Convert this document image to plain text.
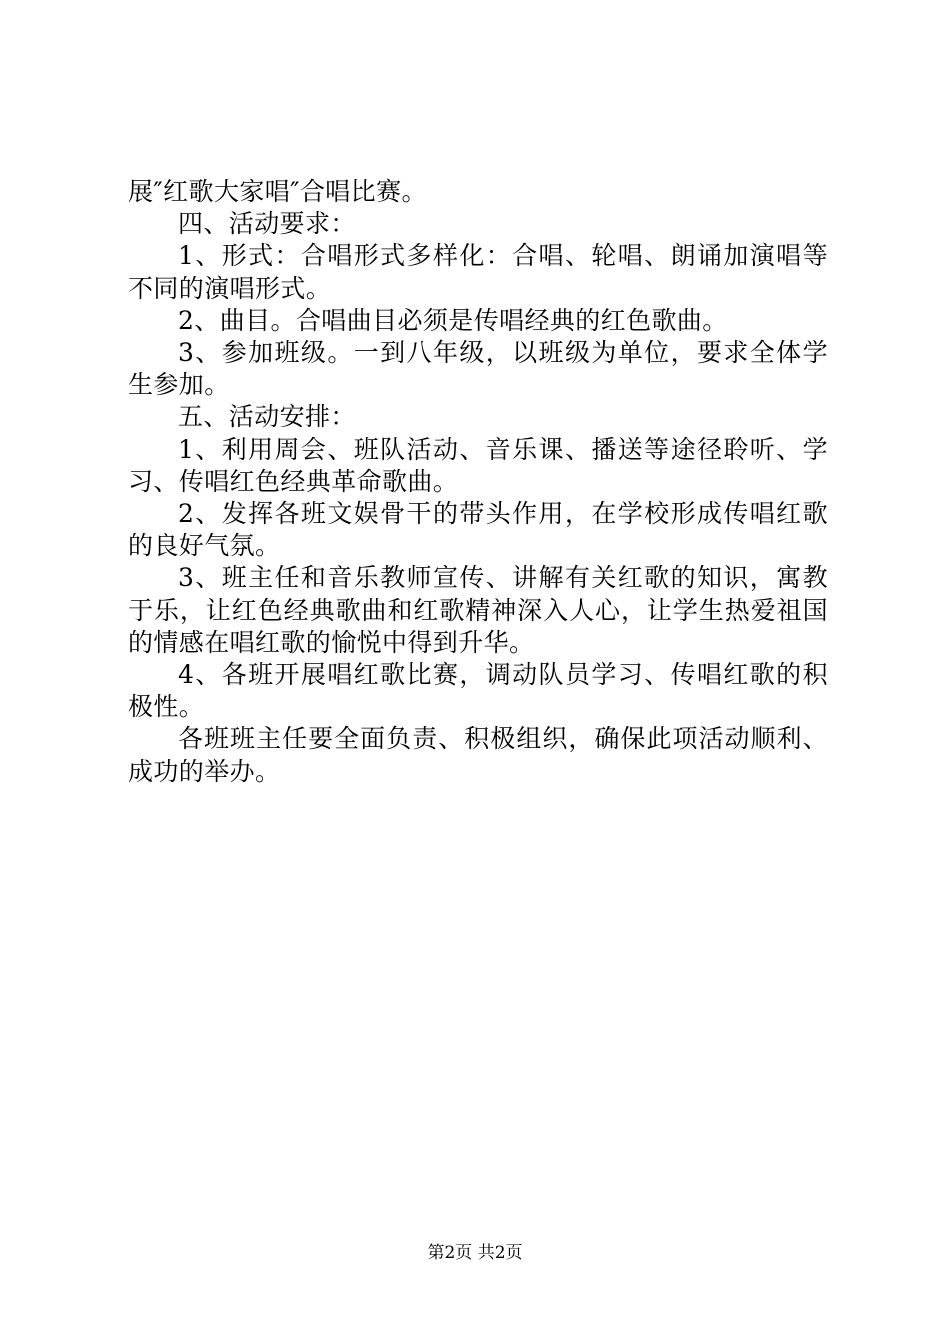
展″红歌大家唱″合唱比赛。

四、活动要求：

1、形式：合唱形式多样化：合唱、轮唱、朗诵加演唱等不同的演唱形式。

2、曲目。合唱曲目必须是传唱经典的红色歌曲。

3、参加班级。一到八年级，以班级为单位，要求全体学生参加。

五、活动安排：

1、利用周会、班队活动、音乐课、播送等途径聆听、学习、传唱红色经典革命歌曲。

2、发挥各班文娱骨干的带头作用，在学校形成传唱红歌的良好气氛。

3、班主任和音乐教师宣传、讲解有关红歌的知识，寓教于乐，让红色经典歌曲和红歌精神深入人心，让学生热爱祖国的情感在唱红歌的愉悦中得到升华。

4、各班开展唱红歌比赛，调动队员学习、传唱红歌的积极性。

各班班主任要全面负责、积极组织，确保此项活动顺利、成功的举办。

第2页 共2页
